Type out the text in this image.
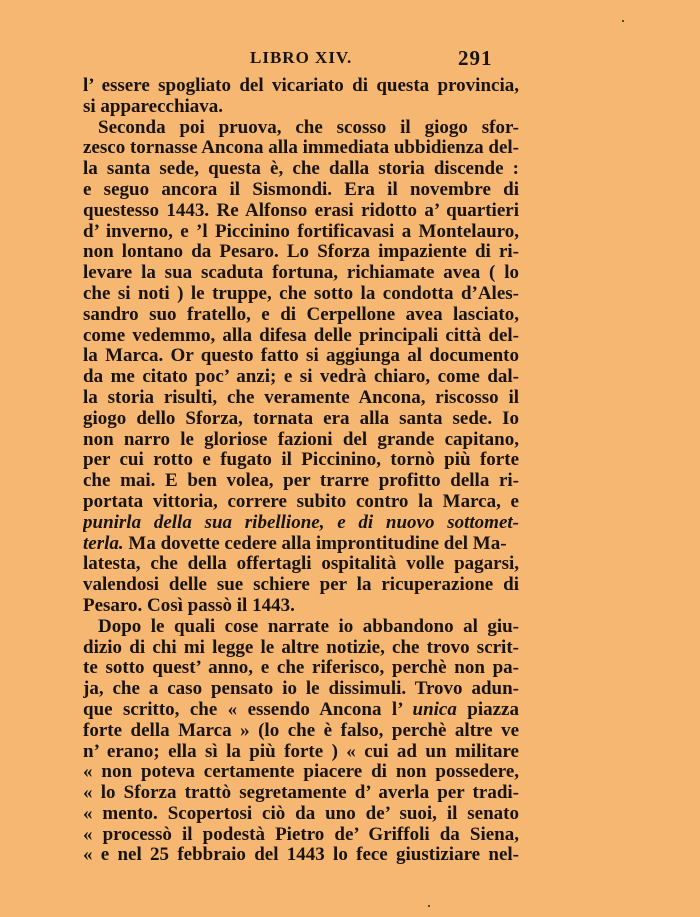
LIBRO XIV.	291
l’ essere spogliato del vicariato di questa provincia,
si apparecchiava.
Seconda poi pruova, che scosso il giogo sfor-
zesco tornasse Ancona alla immediata ubbidienza del-
la santa sede, questa è, che dalla storia discende :
e seguo ancora il Sismondi. Era il novembre di
questesso 1443. Re Alfonso erasi ridotto a’ quartieri
d’ inverno, e ’l Piccinino fortificavasi a Montelauro,
non lontano da Pesaro. Lo Sforza impaziente di ri-
levare la sua scaduta fortuna, richiamate avea ( lo
che si noti ) le truppe, che sotto la condotta d’Ales-
sandro suo fratello, e di Cerpellone avea lasciato,
come vedemmo, alla difesa delle principali città del-
la Marca. Or questo fatto si aggiunga al documento
da me citato poc’ anzi; e si vedrà chiaro, come dal-
la storia risulti, che veramente Ancona, riscosso il
giogo dello Sforza, tornata era alla santa sede. Io
non narro le gloriose fazioni del grande capitano,
per cui rotto e fugato il Piccinino, tornò più forte
che mai. E ben volea, per trarre profitto della ri-
portata vittoria, correre subito contro la Marca, e
punirla della sua ribellione, e di nuovo sottomet-
terla. Ma dovette cedere alla improntitudine del Ma-
latesta, che della offertagli ospitalità volle pagarsi,
valendosi delle sue schiere per la ricuperazione di
Pesaro. Così passò il 1443.
Dopo le quali cose narrate io abbandono al giu-
dizio di chi mi legge le altre notizie, che trovo scrit-
te sotto quest’ anno, e che riferisco, perchè non pa-
ja, che a caso pensato io le dissimuli. Trovo adun-
que scritto, che « essendo Ancona l’ unica piazza
forte della Marca » (lo che è falso, perchè altre ve
n’ erano; ella sì la più forte ) « cui ad un militare
« non poteva certamente piacere di non possedere,
« lo Sforza trattò segretamente d’ averla per tradi-
« mento. Scopertosi ciò da uno de’ suoi, il senato
« processò il podestà Pietro de’ Griffoli da Siena,
« e nel 25 febbraio del 1443 lo fece giustiziare nel-
